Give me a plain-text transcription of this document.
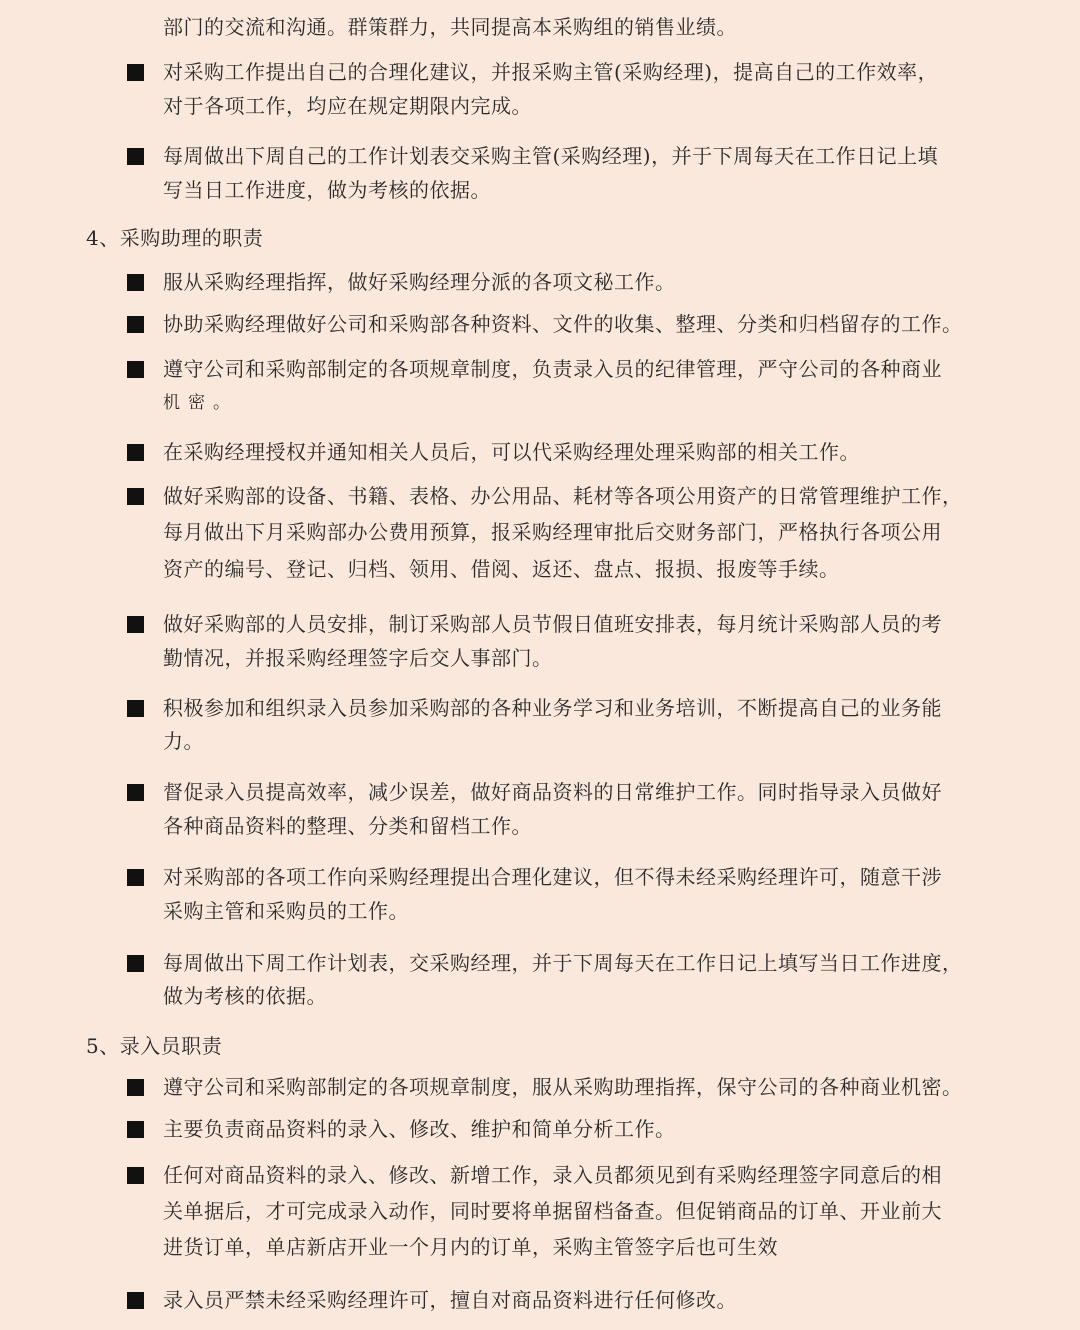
部门的交流和沟通。群策群力，共同提高本采购组的销售业绩。
对采购工作提出自己的合理化建议，并报采购主管(采购经理)，提高自己的工作效率，
对于各项工作，均应在规定期限内完成。
每周做出下周自己的工作计划表交采购主管(采购经理)，并于下周每天在工作日记上填
写当日工作进度，做为考核的依据。
4、采购助理的职责
服从采购经理指挥，做好采购经理分派的各项文秘工作。
协助采购经理做好公司和采购部各种资料、文件的收集、整理、分类和归档留存的工作。
遵守公司和采购部制定的各项规章制度，负责录入员的纪律管理，严守公司的各种商业
机密。
在采购经理授权并通知相关人员后，可以代采购经理处理采购部的相关工作。
做好采购部的设备、书籍、表格、办公用品、耗材等各项公用资产的日常管理维护工作，
每月做出下月采购部办公费用预算，报采购经理审批后交财务部门，严格执行各项公用
资产的编号、登记、归档、领用、借阅、返还、盘点、报损、报废等手续。
做好采购部的人员安排，制订采购部人员节假日值班安排表，每月统计采购部人员的考
勤情况，并报采购经理签字后交人事部门。
积极参加和组织录入员参加采购部的各种业务学习和业务培训，不断提高自己的业务能
力。
督促录入员提高效率，减少误差，做好商品资料的日常维护工作。同时指导录入员做好
各种商品资料的整理、分类和留档工作。
对采购部的各项工作向采购经理提出合理化建议，但不得未经采购经理许可，随意干涉
采购主管和采购员的工作。
每周做出下周工作计划表，交采购经理，并于下周每天在工作日记上填写当日工作进度，
做为考核的依据。
5、录入员职责
遵守公司和采购部制定的各项规章制度，服从采购助理指挥，保守公司的各种商业机密。
主要负责商品资料的录入、修改、维护和简单分析工作。
任何对商品资料的录入、修改、新增工作，录入员都须见到有采购经理签字同意后的相
关单据后，才可完成录入动作，同时要将单据留档备查。但促销商品的订单、开业前大
进货订单，单店新店开业一个月内的订单，采购主管签字后也可生效
录入员严禁未经采购经理许可，擅自对商品资料进行任何修改。
